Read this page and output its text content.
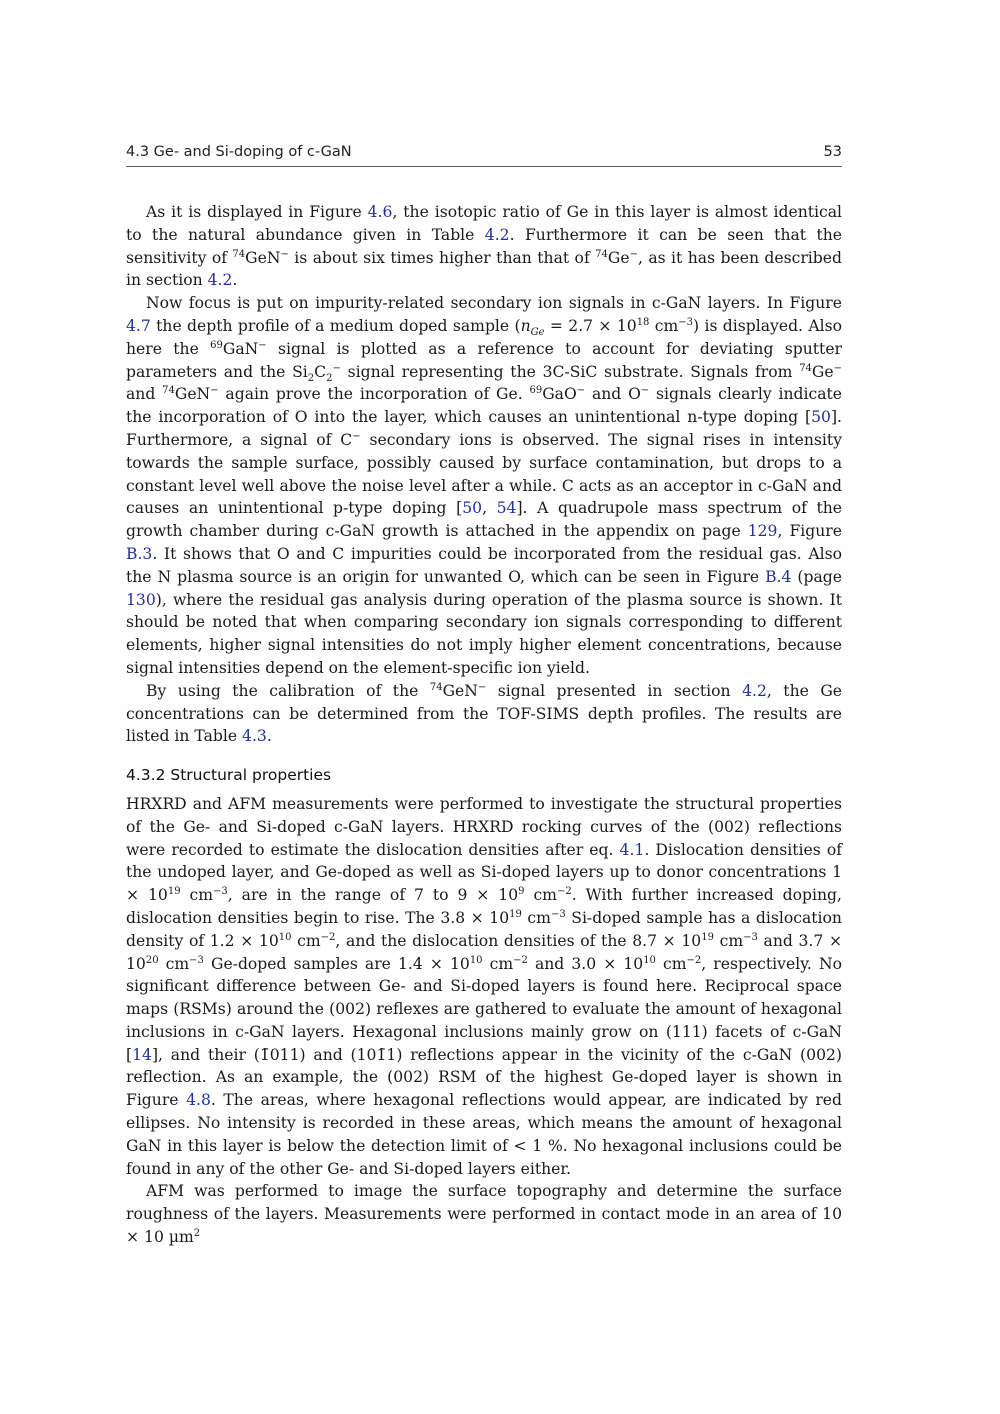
4.3 Ge- and Si-doping of c-GaN	53

As it is displayed in Figure 4.6, the isotopic ratio of Ge in this layer is almost identical to the natural abundance given in Table 4.2. Furthermore it can be seen that the sensitivity of $^{74}$GeN− is about six times higher than that of $^{74}$Ge−, as it has been described in section 4.2.

Now focus is put on impurity-related secondary ion signals in c-GaN layers. In Figure 4.7 the depth profile of a medium doped sample ($n_{Ge} = 2.7 \times 10^{18}$ $cm^{-3}$) is displayed. Also here the $^{69}$GaN− signal is plotted as a reference to account for deviating sputter parameters and the $Si_2C_2^-$ signal representing the 3C-SiC substrate. Signals from $^{74}$Ge− and $^{74}$GeN− again prove the incorporation of Ge. $^{69}$GaO− and O− signals clearly indicate the incorporation of O into the layer, which causes an unintentional n-type doping [50]. Furthermore, a signal of C− secondary ions is observed. The signal rises in intensity towards the sample surface, possibly caused by surface contamination, but drops to a constant level well above the noise level after a while. C acts as an acceptor in c-GaN and causes an unintentional p-type doping [50, 54]. A quadrupole mass spectrum of the growth chamber during c-GaN growth is attached in the appendix on page 129, Figure B.3. It shows that O and C impurities could be incorporated from the residual gas. Also the N plasma source is an origin for unwanted O, which can be seen in Figure B.4 (page 130), where the residual gas analysis during operation of the plasma source is shown. It should be noted that when comparing secondary ion signals corresponding to different elements, higher signal intensities do not imply higher element concentrations, because signal intensities depend on the element-specific ion yield.

By using the calibration of the $^{74}$GeN− signal presented in section 4.2, the Ge concentrations can be determined from the TOF-SIMS depth profiles. The results are listed in Table 4.3.

4.3.2 Structural properties

HRXRD and AFM measurements were performed to investigate the structural properties of the Ge- and Si-doped c-GaN layers. HRXRD rocking curves of the (002) reflections were recorded to estimate the dislocation densities after eq. 4.1. Dislocation densities of the undoped layer, and Ge-doped as well as Si-doped layers up to donor concentrations $1 \times 10^{19}$ $cm^{-3}$, are in the range of 7 to $9 \times 10^9$ $cm^{-2}$. With further increased doping, dislocation densities begin to rise. The $3.8 \times 10^{19}$ $cm^{-3}$ Si-doped sample has a dislocation density of $1.2 \times 10^{10}$ $cm^{-2}$, and the dislocation densities of the $8.7 \times 10^{19}$ $cm^{-3}$ and $3.7 \times 10^{20}$ $cm^{-3}$ Ge-doped samples are $1.4 \times 10^{10}$ $cm^{-2}$ and $3.0 \times 10^{10}$ $cm^{-2}$, respectively. No significant difference between Ge- and Si-doped layers is found here. Reciprocal space maps (RSMs) around the (002) reflexes are gathered to evaluate the amount of hexagonal inclusions in c-GaN layers. Hexagonal inclusions mainly grow on (111) facets of c-GaN [14], and their (1̄011) and (101̄1) reflections appear in the vicinity of the c-GaN (002) reflection. As an example, the (002) RSM of the highest Ge-doped layer is shown in Figure 4.8. The areas, where hexagonal reflections would appear, are indicated by red ellipses. No intensity is recorded in these areas, which means the amount of hexagonal GaN in this layer is below the detection limit of < 1 %. No hexagonal inclusions could be found in any of the other Ge- and Si-doped layers either.

AFM was performed to image the surface topography and determine the surface roughness of the layers. Measurements were performed in contact mode in an area of 10 × 10 µm$^2$
